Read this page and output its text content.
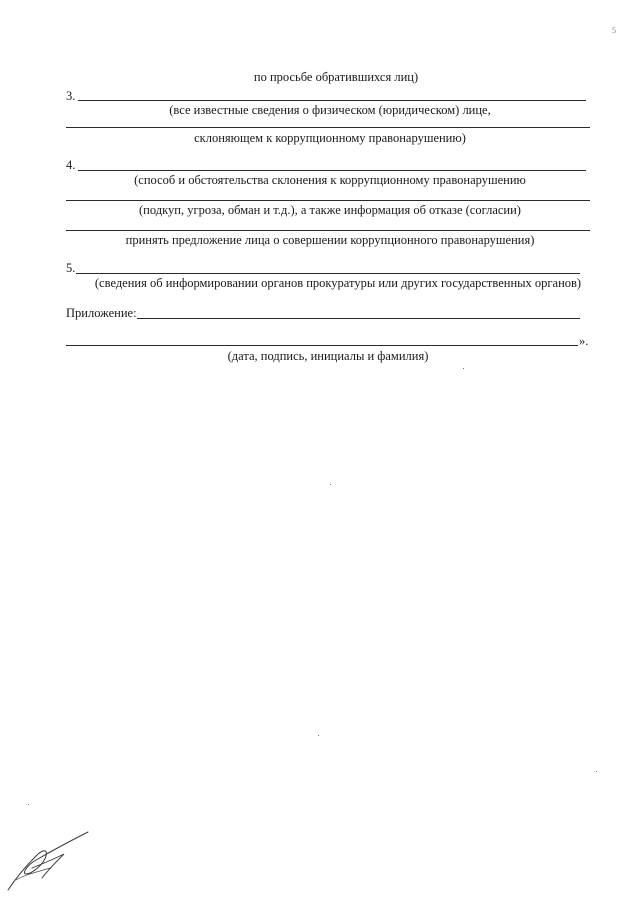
5
по просьбе обратившихся лиц)
3.
(все известные сведения о физическом (юридическом) лице,
склоняющем к коррупционному правонарушению)
4.
(способ и обстоятельства склонения к коррупционному правонарушению
(подкуп, угроза, обман и т.д.), а также информация об отказе (согласии)
принять предложение лица о совершении коррупционного правонарушения)
5.
(сведения об информировании органов прокуратуры или других государственных органов)
Приложение:
».
(дата, подпись, инициалы и фамилия)
